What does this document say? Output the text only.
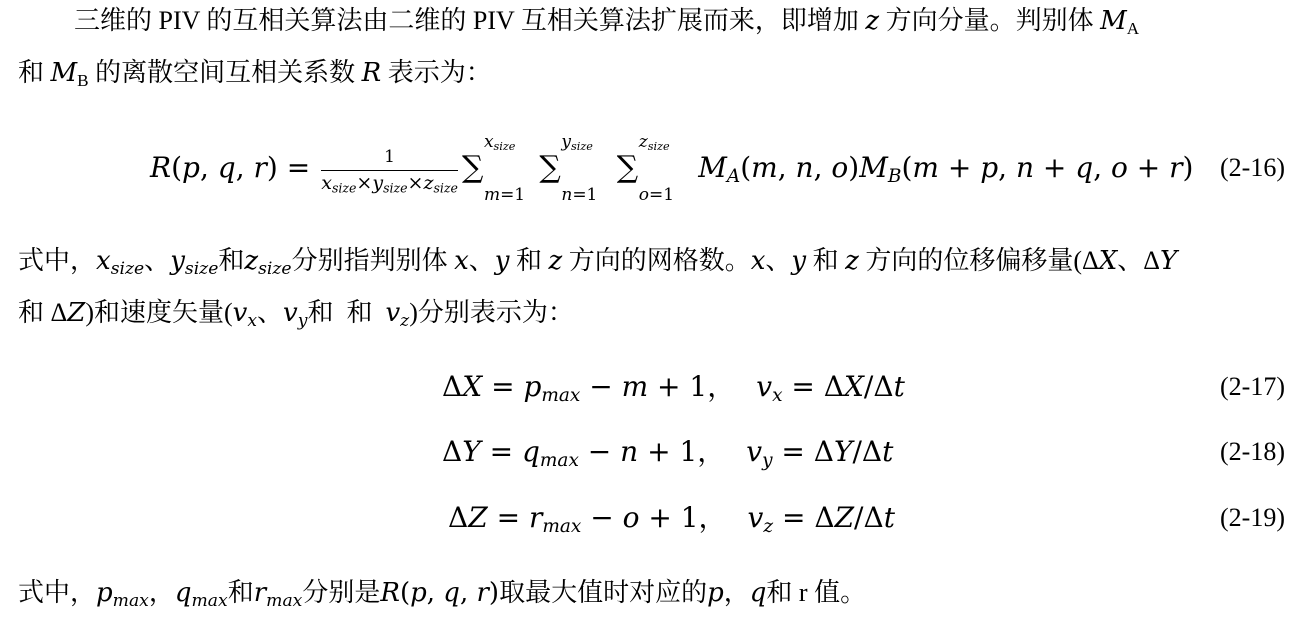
三维的 PIV 的互相关算法由二维的 PIV 互相关算法扩展而来，即增加 z 方向分量。判别体 $M_A$
和 $M_B$ 的离散空间互相关系数 R 表示为：
R(p, q, $r) = \frac{1}{x_{size}\times y_{size}\times z_{size}}$ ∑
$x_{size}$
m=1
∑
$y_{size}$
n=1
∑
$z_{size}$
o=1
$M_A(m$, n, $o)M_B(m + p$, n + q, o + r) (2-16)
式中，$x_{size}$、$y_{size}$和$z_{size}$分别指判别体 x、y 和 z 方向的网格数。x、y 和 z 方向的位移偏移量(ΔX、ΔY
和 ΔZ)和速度矢量($v_x$、$v_y$和  和  $v_z$)分别表示为：
$\Delta X = p_{max} - m + 1$， $v_x = \Delta X/\Delta t$	(2-17)
$\Delta Y = q_{max} - n + 1$， $v_y = \Delta Y/\Delta t$	(2-18)
$\Delta Z = r_{max} - o + 1$， $v_z = \Delta Z/\Delta t$	(2-19)
式中，$p_{max}$，$q_{max}$和$r_{max}$分别是R(p, q, r)取最大值时对应的p，q和 r 值。
